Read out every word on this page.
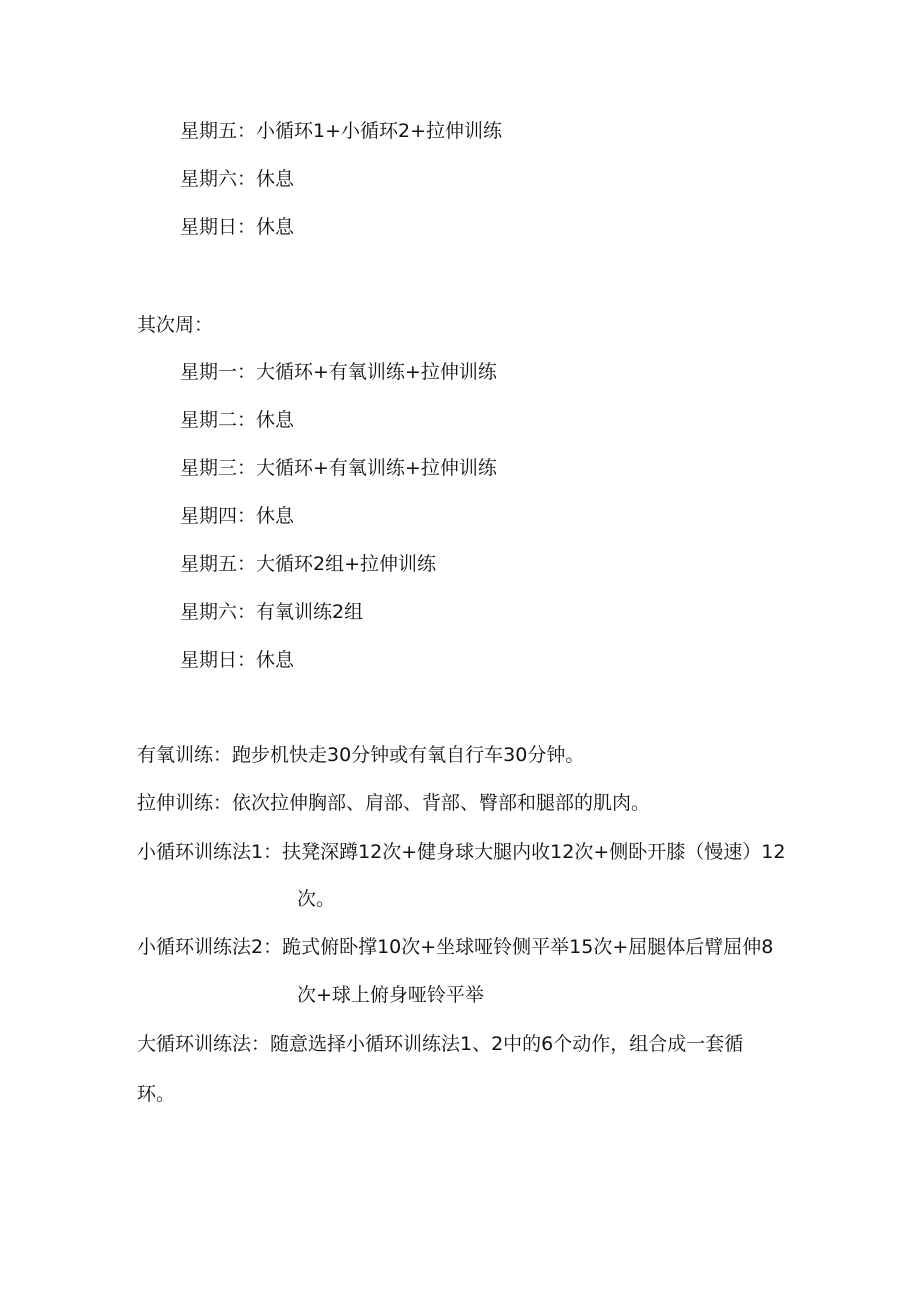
星期五：小循环1+小循环2+拉伸训练
星期六：休息
星期日：休息
其次周：
星期一：大循环+有氧训练+拉伸训练
星期二：休息
星期三：大循环+有氧训练+拉伸训练
星期四：休息
星期五：大循环2组+拉伸训练
星期六：有氧训练2组
星期日：休息
有氧训练：跑步机快走30分钟或有氧自行车30分钟。
拉伸训练：依次拉伸胸部、肩部、背部、臀部和腿部的肌肉。
小循环训练法1：扶凳深蹲12次+健身球大腿内收12次+侧卧开膝（慢速）12
次。
小循环训练法2：跪式俯卧撑10次+坐球哑铃侧平举15次+屈腿体后臂屈伸8
次+球上俯身哑铃平举
大循环训练法：随意选择小循环训练法1、2中的6个动作，组合成一套循
环。
